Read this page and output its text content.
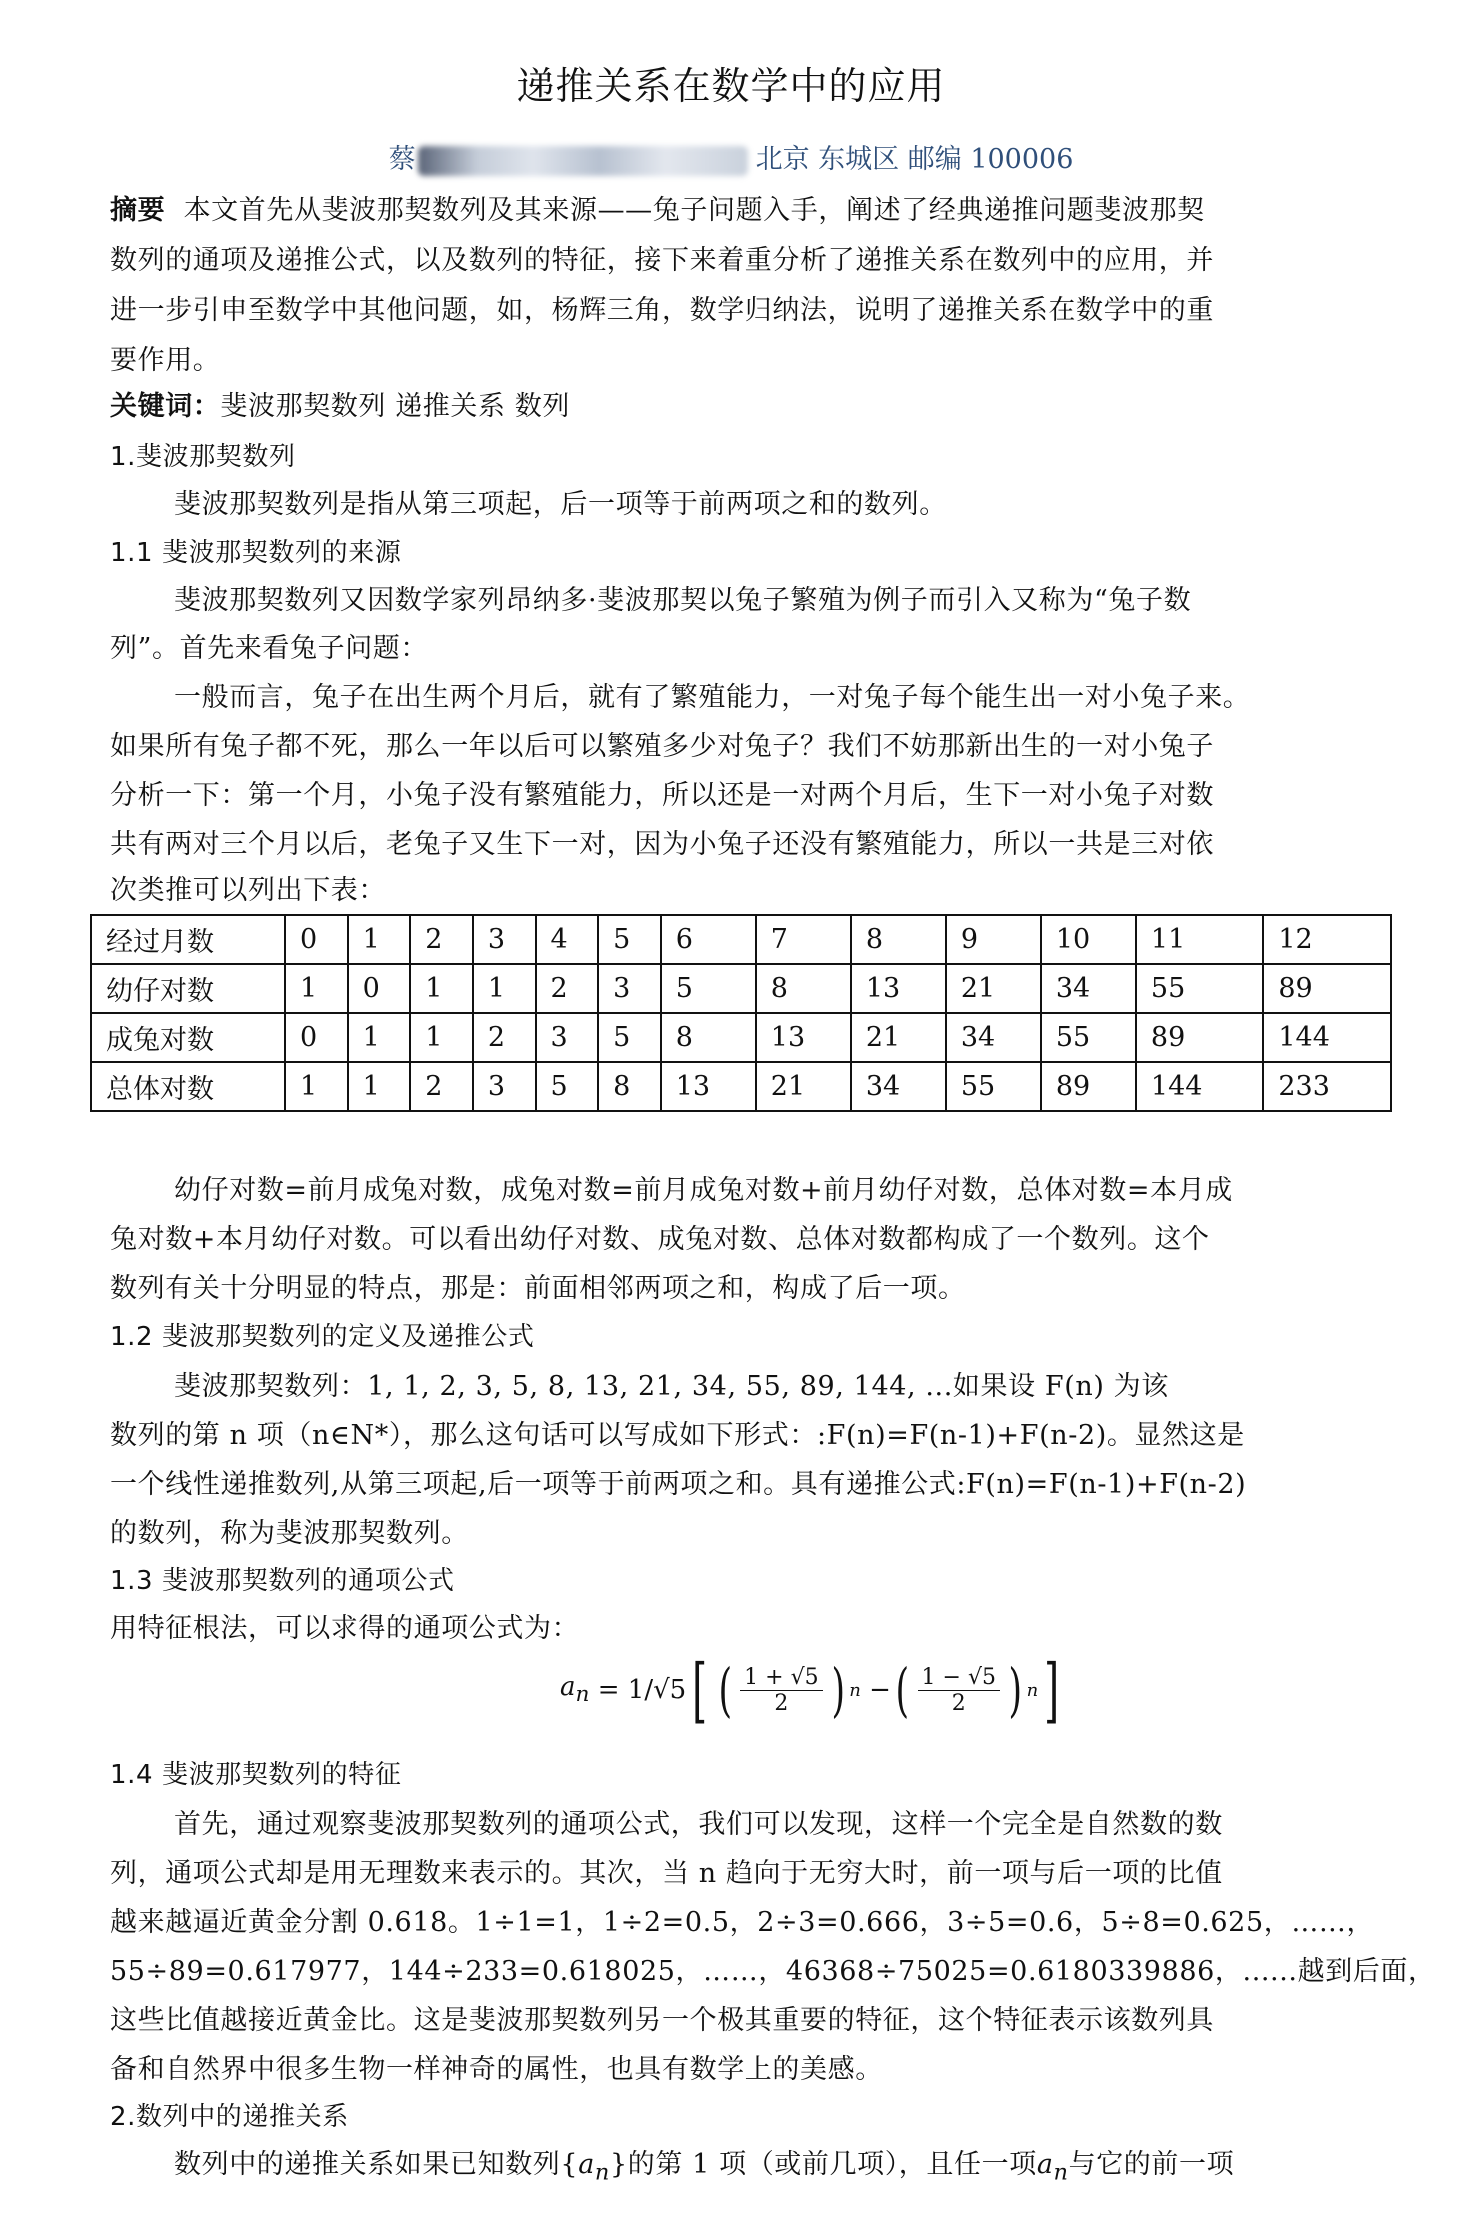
递推关系在数学中的应用
蔡	北京 东城区 邮编 100006
摘要 本文首先从斐波那契数列及其来源——兔子问题入手，阐述了经典递推问题斐波那契
数列的通项及递推公式，以及数列的特征，接下来着重分析了递推关系在数列中的应用，并
进一步引申至数学中其他问题，如，杨辉三角，数学归纳法，说明了递推关系在数学中的重
要作用。
关键词：斐波那契数列 递推关系 数列
1.斐波那契数列
斐波那契数列是指从第三项起，后一项等于前两项之和的数列。
1.1 斐波那契数列的来源
斐波那契数列又因数学家列昂纳多·斐波那契以兔子繁殖为例子而引入又称为“兔子数
列”。首先来看兔子问题：
一般而言，兔子在出生两个月后，就有了繁殖能力，一对兔子每个能生出一对小兔子来。
如果所有兔子都不死，那么一年以后可以繁殖多少对兔子？我们不妨那新出生的一对小兔子
分析一下：第一个月，小兔子没有繁殖能力，所以还是一对两个月后，生下一对小兔子对数
共有两对三个月以后，老兔子又生下一对，因为小兔子还没有繁殖能力，所以一共是三对依
次类推可以列出下表：
经过月数	0	1	2	3	4	5	6	7	8	9	10	11	12
幼仔对数	1	0	1	1	2	3	5	8	13	21	34	55	89
成兔对数	0	1	1	2	3	5	8	13	21	34	55	89	144
总体对数	1	1	2	3	5	8	13	21	34	55	89	144	233
幼仔对数=前月成兔对数，成兔对数=前月成兔对数+前月幼仔对数，总体对数=本月成
兔对数+本月幼仔对数。可以看出幼仔对数、成兔对数、总体对数都构成了一个数列。这个
数列有关十分明显的特点，那是：前面相邻两项之和，构成了后一项。
1.2 斐波那契数列的定义及递推公式
斐波那契数列：1, 1, 2, 3, 5, 8, 13, 21, 34, 55, 89, 144, ...如果设 F(n) 为该
数列的第 n 项（n∈N*），那么这句话可以写成如下形式：:F(n)=F(n-1)+F(n-2)。显然这是
一个线性递推数列,从第三项起,后一项等于前两项之和。具有递推公式:F(n)=F(n-1)+F(n-2)
的数列，称为斐波那契数列。
1.3 斐波那契数列的通项公式
用特征根法，可以求得的通项公式为：
$a_n$
= 1/√5 [ ( $\frac{1 + √5}{2}$ ) n
− ( $\frac{1 - √5}{2}$ ) n ]
1.4 斐波那契数列的特征
首先，通过观察斐波那契数列的通项公式，我们可以发现，这样一个完全是自然数的数
列，通项公式却是用无理数来表示的。其次，当 n 趋向于无穷大时，前一项与后一项的比值
越来越逼近黄金分割 0.618。1÷1=1，1÷2=0.5，2÷3=0.666，3÷5=0.6，5÷8=0.625，……，
55÷89=0.617977，144÷233=0.618025，……，46368÷75025=0.6180339886，......越到后面，
这些比值越接近黄金比。这是斐波那契数列另一个极其重要的特征，这个特征表示该数列具
备和自然界中很多生物一样神奇的属性，也具有数学上的美感。
2.数列中的递推关系
数列中的递推关系如果已知数列$\{a_n\}$的第 1 项（或前几项），且任一项$a_n$与它的前一项
